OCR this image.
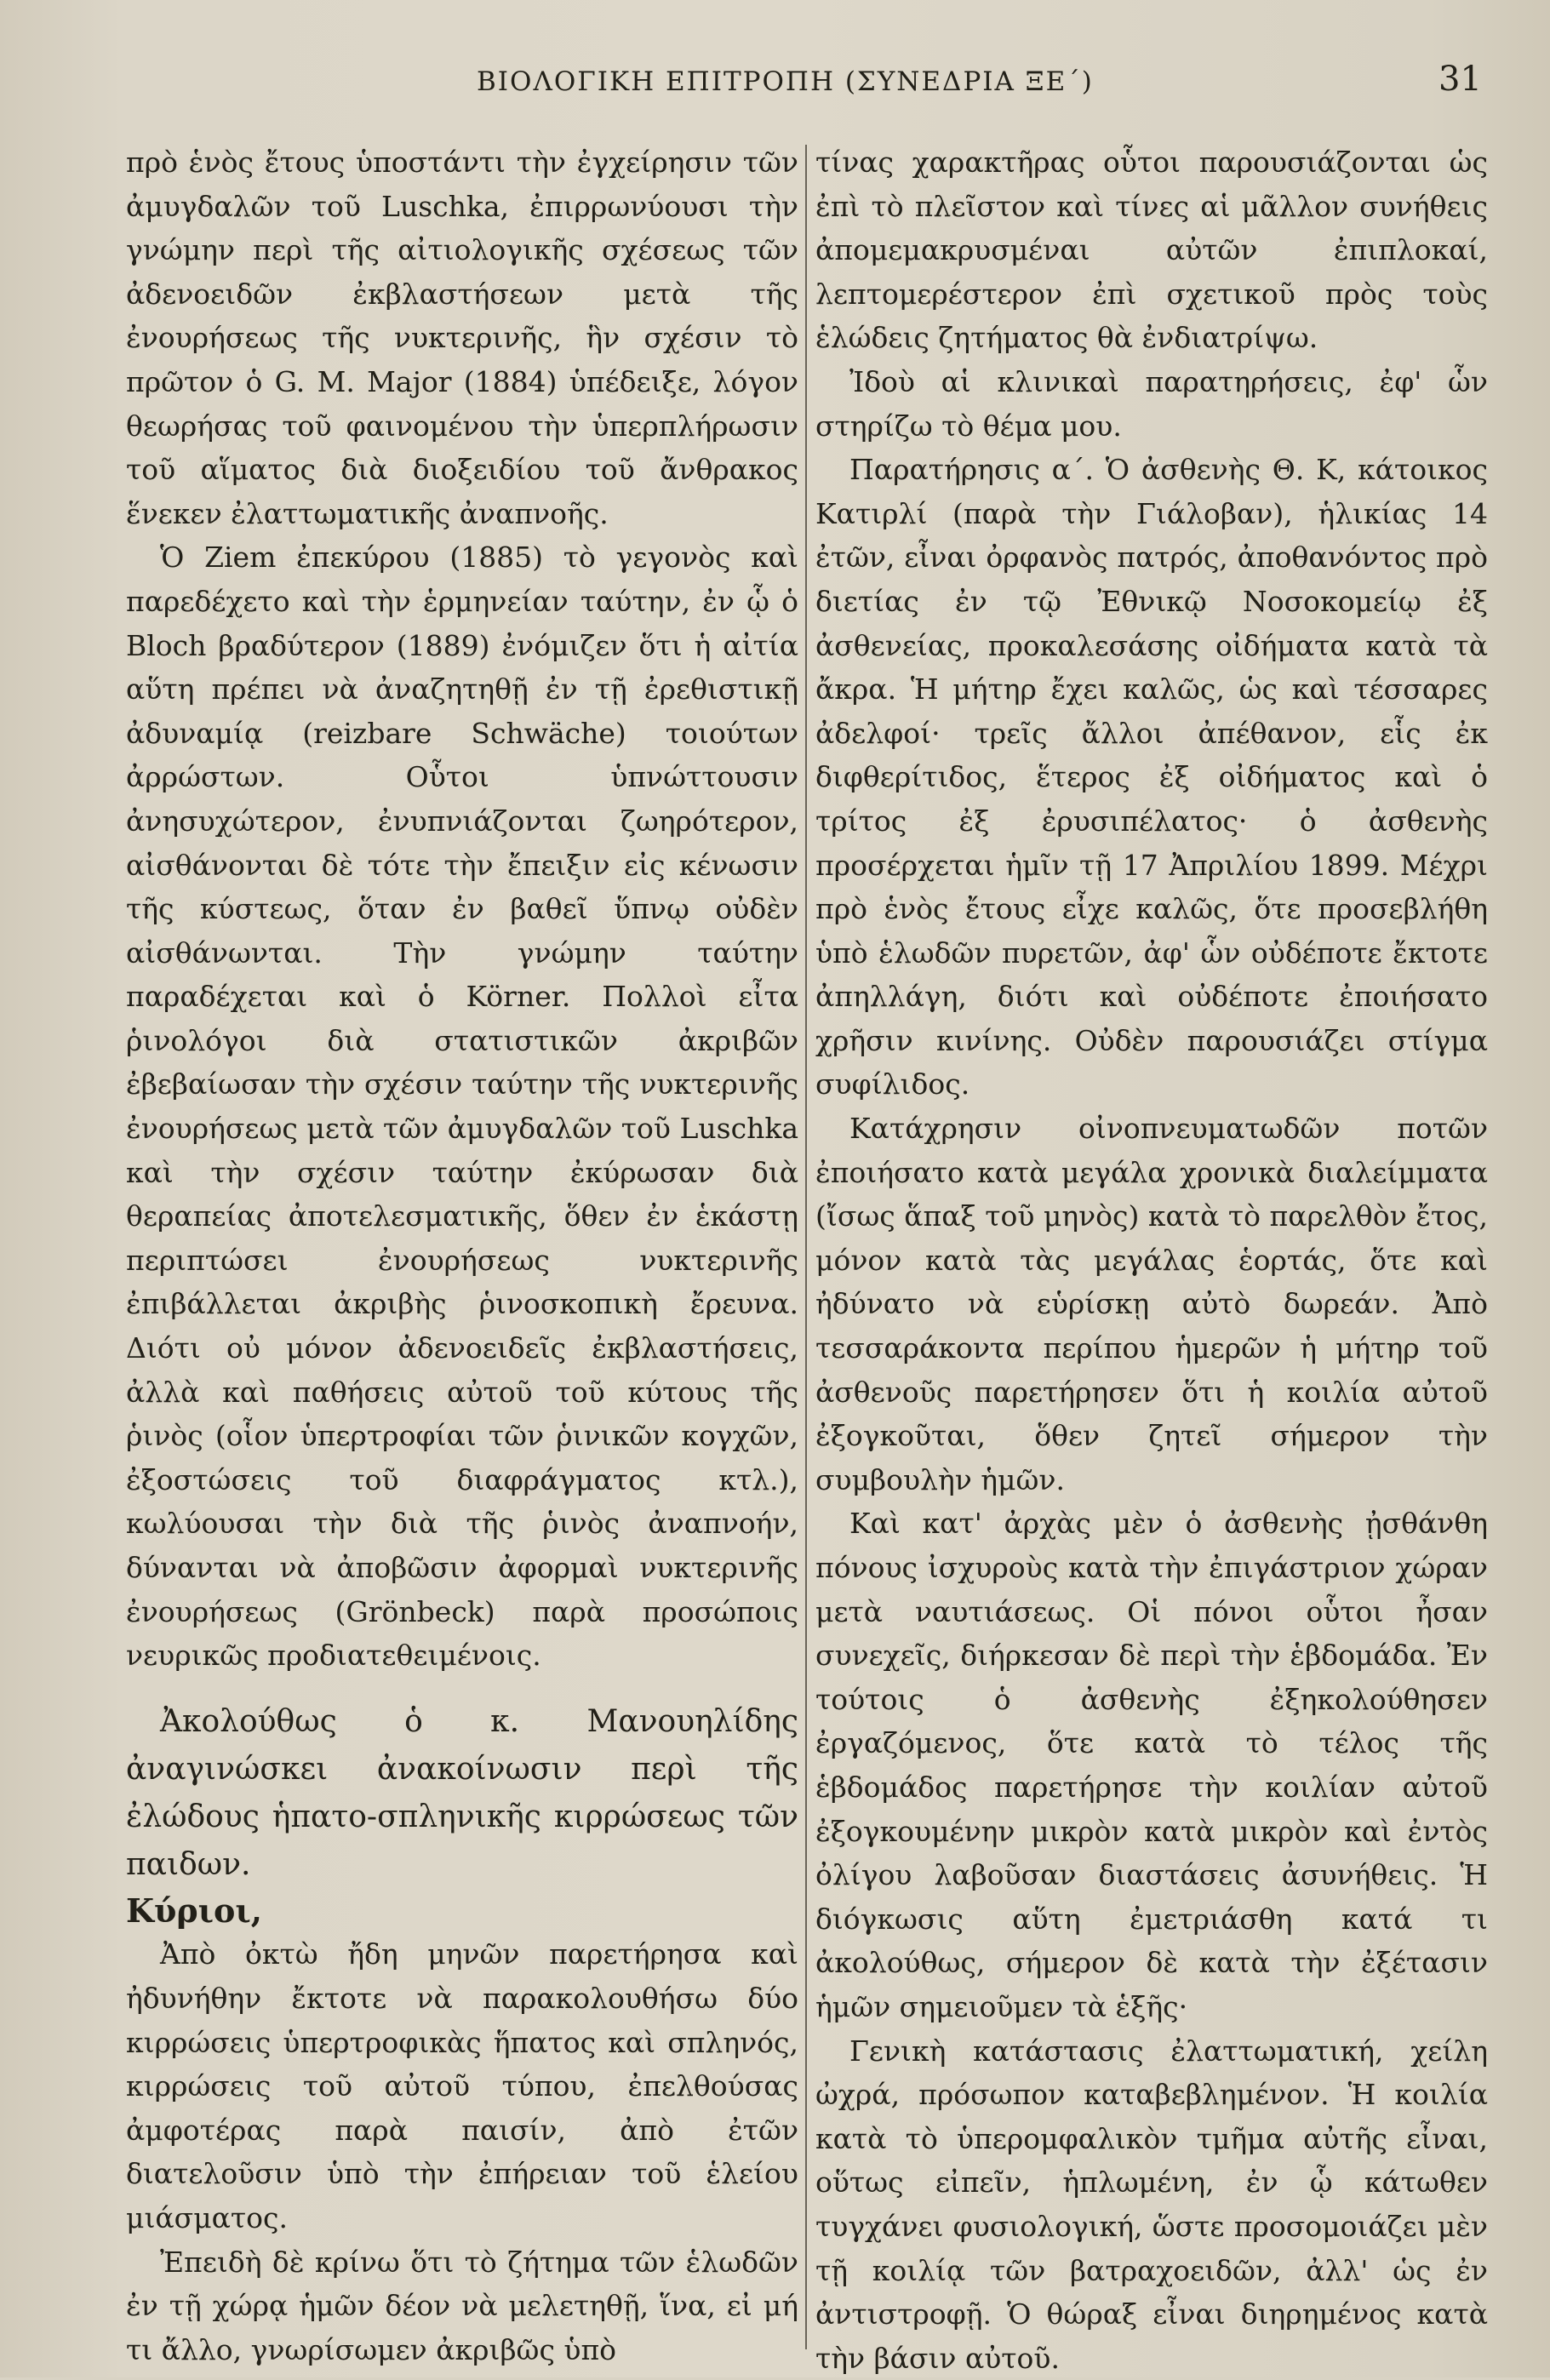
ΒΙΟΛΟΓΙΚΗ ΕΠΙΤΡΟΠΗ (ΣΥΝΕΔΡΙΑ ΞΕ΄)	31

πρὸ ἑνὸς ἔτους ὑποστάντι τὴν ἐγχείρησιν τῶν ἀμυγδαλῶν τοῦ Luschka, ἐπιρρωνύουσι τὴν γνώμην περὶ τῆς αἰτιολογικῆς σχέσεως τῶν ἀδενοειδῶν ἐκβλαστήσεων μετὰ τῆς ἐνουρήσεως τῆς νυκτερινῆς, ἣν σχέσιν τὸ πρῶτον ὁ G. M. Major (1884) ὑπέδειξε, λόγον θεωρήσας τοῦ φαινομένου τὴν ὑπερπλήρωσιν τοῦ αἵματος διὰ διοξειδίου τοῦ ἄνθρακος ἕνεκεν ἐλαττωματικῆς ἀναπνοῆς.

Ὁ Ziem ἐπεκύρου (1885) τὸ γεγονὸς καὶ παρεδέχετο καὶ τὴν ἑρμηνείαν ταύτην, ἐν ᾧ ὁ Bloch βραδύτερον (1889) ἐνόμιζεν ὅτι ἡ αἰτία αὕτη πρέπει νὰ ἀναζητηθῇ ἐν τῇ ἐρεθιστικῇ ἀδυναμίᾳ (reizbare Schwäche) τοιούτων ἀρρώστων. Οὗτοι ὑπνώττουσιν ἀνησυχώτερον, ἐνυπνιάζονται ζωηρότερον, αἰσθάνονται δὲ τότε τὴν ἔπειξιν εἰς κένωσιν τῆς κύστεως, ὅταν ἐν βαθεῖ ὕπνῳ οὐδὲν αἰσθάνωνται. Τὴν γνώμην ταύτην παραδέχεται καὶ ὁ Körner. Πολλοὶ εἶτα ῥινολόγοι διὰ στατιστικῶν ἀκριβῶν ἐβεβαίωσαν τὴν σχέσιν ταύτην τῆς νυκτερινῆς ἐνουρήσεως μετὰ τῶν ἀμυγδαλῶν τοῦ Luschka καὶ τὴν σχέσιν ταύτην ἐκύρωσαν διὰ θεραπείας ἀποτελεσματικῆς, ὅθεν ἐν ἑκάστῃ περιπτώσει ἐνουρήσεως νυκτερινῆς ἐπιβάλλεται ἀκριβὴς ῥινοσκοπικὴ ἔρευνα. Διότι οὐ μόνον ἀδενοειδεῖς ἐκβλαστήσεις, ἀλλὰ καὶ παθήσεις αὐτοῦ τοῦ κύτους τῆς ῥινὸς (οἷον ὑπερτροφίαι τῶν ῥινικῶν κογχῶν, ἐξοστώσεις τοῦ διαφράγματος κτλ.), κωλύουσαι τὴν διὰ τῆς ῥινὸς ἀναπνοήν, δύνανται νὰ ἀποβῶσιν ἀφορμαὶ νυκτερινῆς ἐνουρήσεως (Grönbeck) παρὰ προσώποις νευρικῶς προδιατεθειμένοις.

Ἀκολούθως ὁ κ. Μανουηλίδης ἀναγινώσκει ἀνακοίνωσιν περὶ τῆς ἐλώδους ἡπατο-σπληνικῆς κιρρώσεως τῶν παιδων.

Κύριοι,

Ἀπὸ ὀκτὼ ἤδη μηνῶν παρετήρησα καὶ ἠδυνήθην ἔκτοτε νὰ παρακολουθήσω δύο κιρρώσεις ὑπερτροφικὰς ἥπατος καὶ σπληνός, κιρρώσεις τοῦ αὐτοῦ τύπου, ἐπελθούσας ἀμφοτέρας παρὰ παισίν, ἀπὸ ἐτῶν διατελοῦσιν ὑπὸ τὴν ἐπήρειαν τοῦ ἑλείου μιάσματος.

Ἐπειδὴ δὲ κρίνω ὅτι τὸ ζήτημα τῶν ἑλωδῶν ἐν τῇ χώρᾳ ἡμῶν δέον νὰ μελετηθῇ, ἵνα, εἰ μή τι ἄλλο, γνωρίσωμεν ἀκριβῶς ὑπὸ

τίνας χαρακτῆρας οὗτοι παρουσιάζονται ὡς ἐπὶ τὸ πλεῖστον καὶ τίνες αἱ μᾶλλον συνήθεις ἀπομεμακρυσμέναι αὐτῶν ἐπιπλοκαί, λεπτομερέστερον ἐπὶ σχετικοῦ πρὸς τοὺς ἑλώδεις ζητήματος θὰ ἐνδιατρίψω.

Ἰδοὺ αἱ κλινικαὶ παρατηρήσεις, ἐφ' ὧν στηρίζω τὸ θέμα μου.

Παρατήρησις α΄. Ὁ ἀσθενὴς Θ. Κ, κάτοικος Κατιρλί (παρὰ τὴν Γιάλοβαν), ἡλικίας 14 ἐτῶν, εἶναι ὀρφανὸς πατρός, ἀποθανόντος πρὸ διετίας ἐν τῷ Ἐθνικῷ Νοσοκομείῳ ἐξ ἀσθενείας, προκαλεσάσης οἰδήματα κατὰ τὰ ἄκρα. Ἡ μήτηρ ἔχει καλῶς, ὡς καὶ τέσσαρες ἀδελφοί· τρεῖς ἄλλοι ἀπέθανον, εἷς ἐκ διφθερίτιδος, ἕτερος ἐξ οἰδήματος καὶ ὁ τρίτος ἐξ ἐρυσιπέλατος· ὁ ἀσθενὴς προσέρχεται ἡμῖν τῇ 17 Ἀπριλίου 1899. Μέχρι πρὸ ἑνὸς ἔτους εἶχε καλῶς, ὅτε προσεβλήθη ὑπὸ ἑλωδῶν πυρετῶν, ἀφ' ὧν οὐδέποτε ἔκτοτε ἀπηλλάγη, διότι καὶ οὐδέποτε ἐποιήσατο χρῆσιν κινίνης. Οὐδὲν παρουσιάζει στίγμα συφίλιδος.

Κατάχρησιν οἰνοπνευματωδῶν ποτῶν ἐποιήσατο κατὰ μεγάλα χρονικὰ διαλείμματα (ἴσως ἅπαξ τοῦ μηνὸς) κατὰ τὸ παρελθὸν ἔτος, μόνον κατὰ τὰς μεγάλας ἑορτάς, ὅτε καὶ ἠδύνατο νὰ εὑρίσκῃ αὐτὸ δωρεάν. Ἀπὸ τεσσαράκοντα περίπου ἡμερῶν ἡ μήτηρ τοῦ ἀσθενοῦς παρετήρησεν ὅτι ἡ κοιλία αὐτοῦ ἐξογκοῦται, ὅθεν ζητεῖ σήμερον τὴν συμβουλὴν ἡμῶν.

Καὶ κατ' ἀρχὰς μὲν ὁ ἀσθενὴς ᾐσθάνθη πόνους ἰσχυροὺς κατὰ τὴν ἐπιγάστριον χώραν μετὰ ναυτιάσεως. Οἱ πόνοι οὗτοι ἦσαν συνεχεῖς, διήρκεσαν δὲ περὶ τὴν ἑβδομάδα. Ἐν τούτοις ὁ ἀσθενὴς ἐξηκολούθησεν ἐργαζόμενος, ὅτε κατὰ τὸ τέλος τῆς ἑβδομάδος παρετήρησε τὴν κοιλίαν αὐτοῦ ἐξογκουμένην μικρὸν κατὰ μικρὸν καὶ ἐντὸς ὀλίγου λαβοῦσαν διαστάσεις ἀσυνήθεις. Ἡ διόγκωσις αὕτη ἐμετριάσθη κατά τι ἀκολούθως, σήμερον δὲ κατὰ τὴν ἐξέτασιν ἡμῶν σημειοῦμεν τὰ ἑξῆς·

Γενικὴ κατάστασις ἐλαττωματική, χείλη ὠχρά, πρόσωπον καταβεβλημένον. Ἡ κοιλία κατὰ τὸ ὑπερομφαλικὸν τμῆμα αὐτῆς εἶναι, οὕτως εἰπεῖν, ἡπλωμένη, ἐν ᾧ κάτωθεν τυγχάνει φυσιολογική, ὥστε προσομοιάζει μὲν τῇ κοιλίᾳ τῶν βατραχοειδῶν, ἀλλ' ὡς ἐν ἀντιστροφῇ. Ὁ θώραξ εἶναι διηρημένος κατὰ τὴν βάσιν αὐτοῦ.
